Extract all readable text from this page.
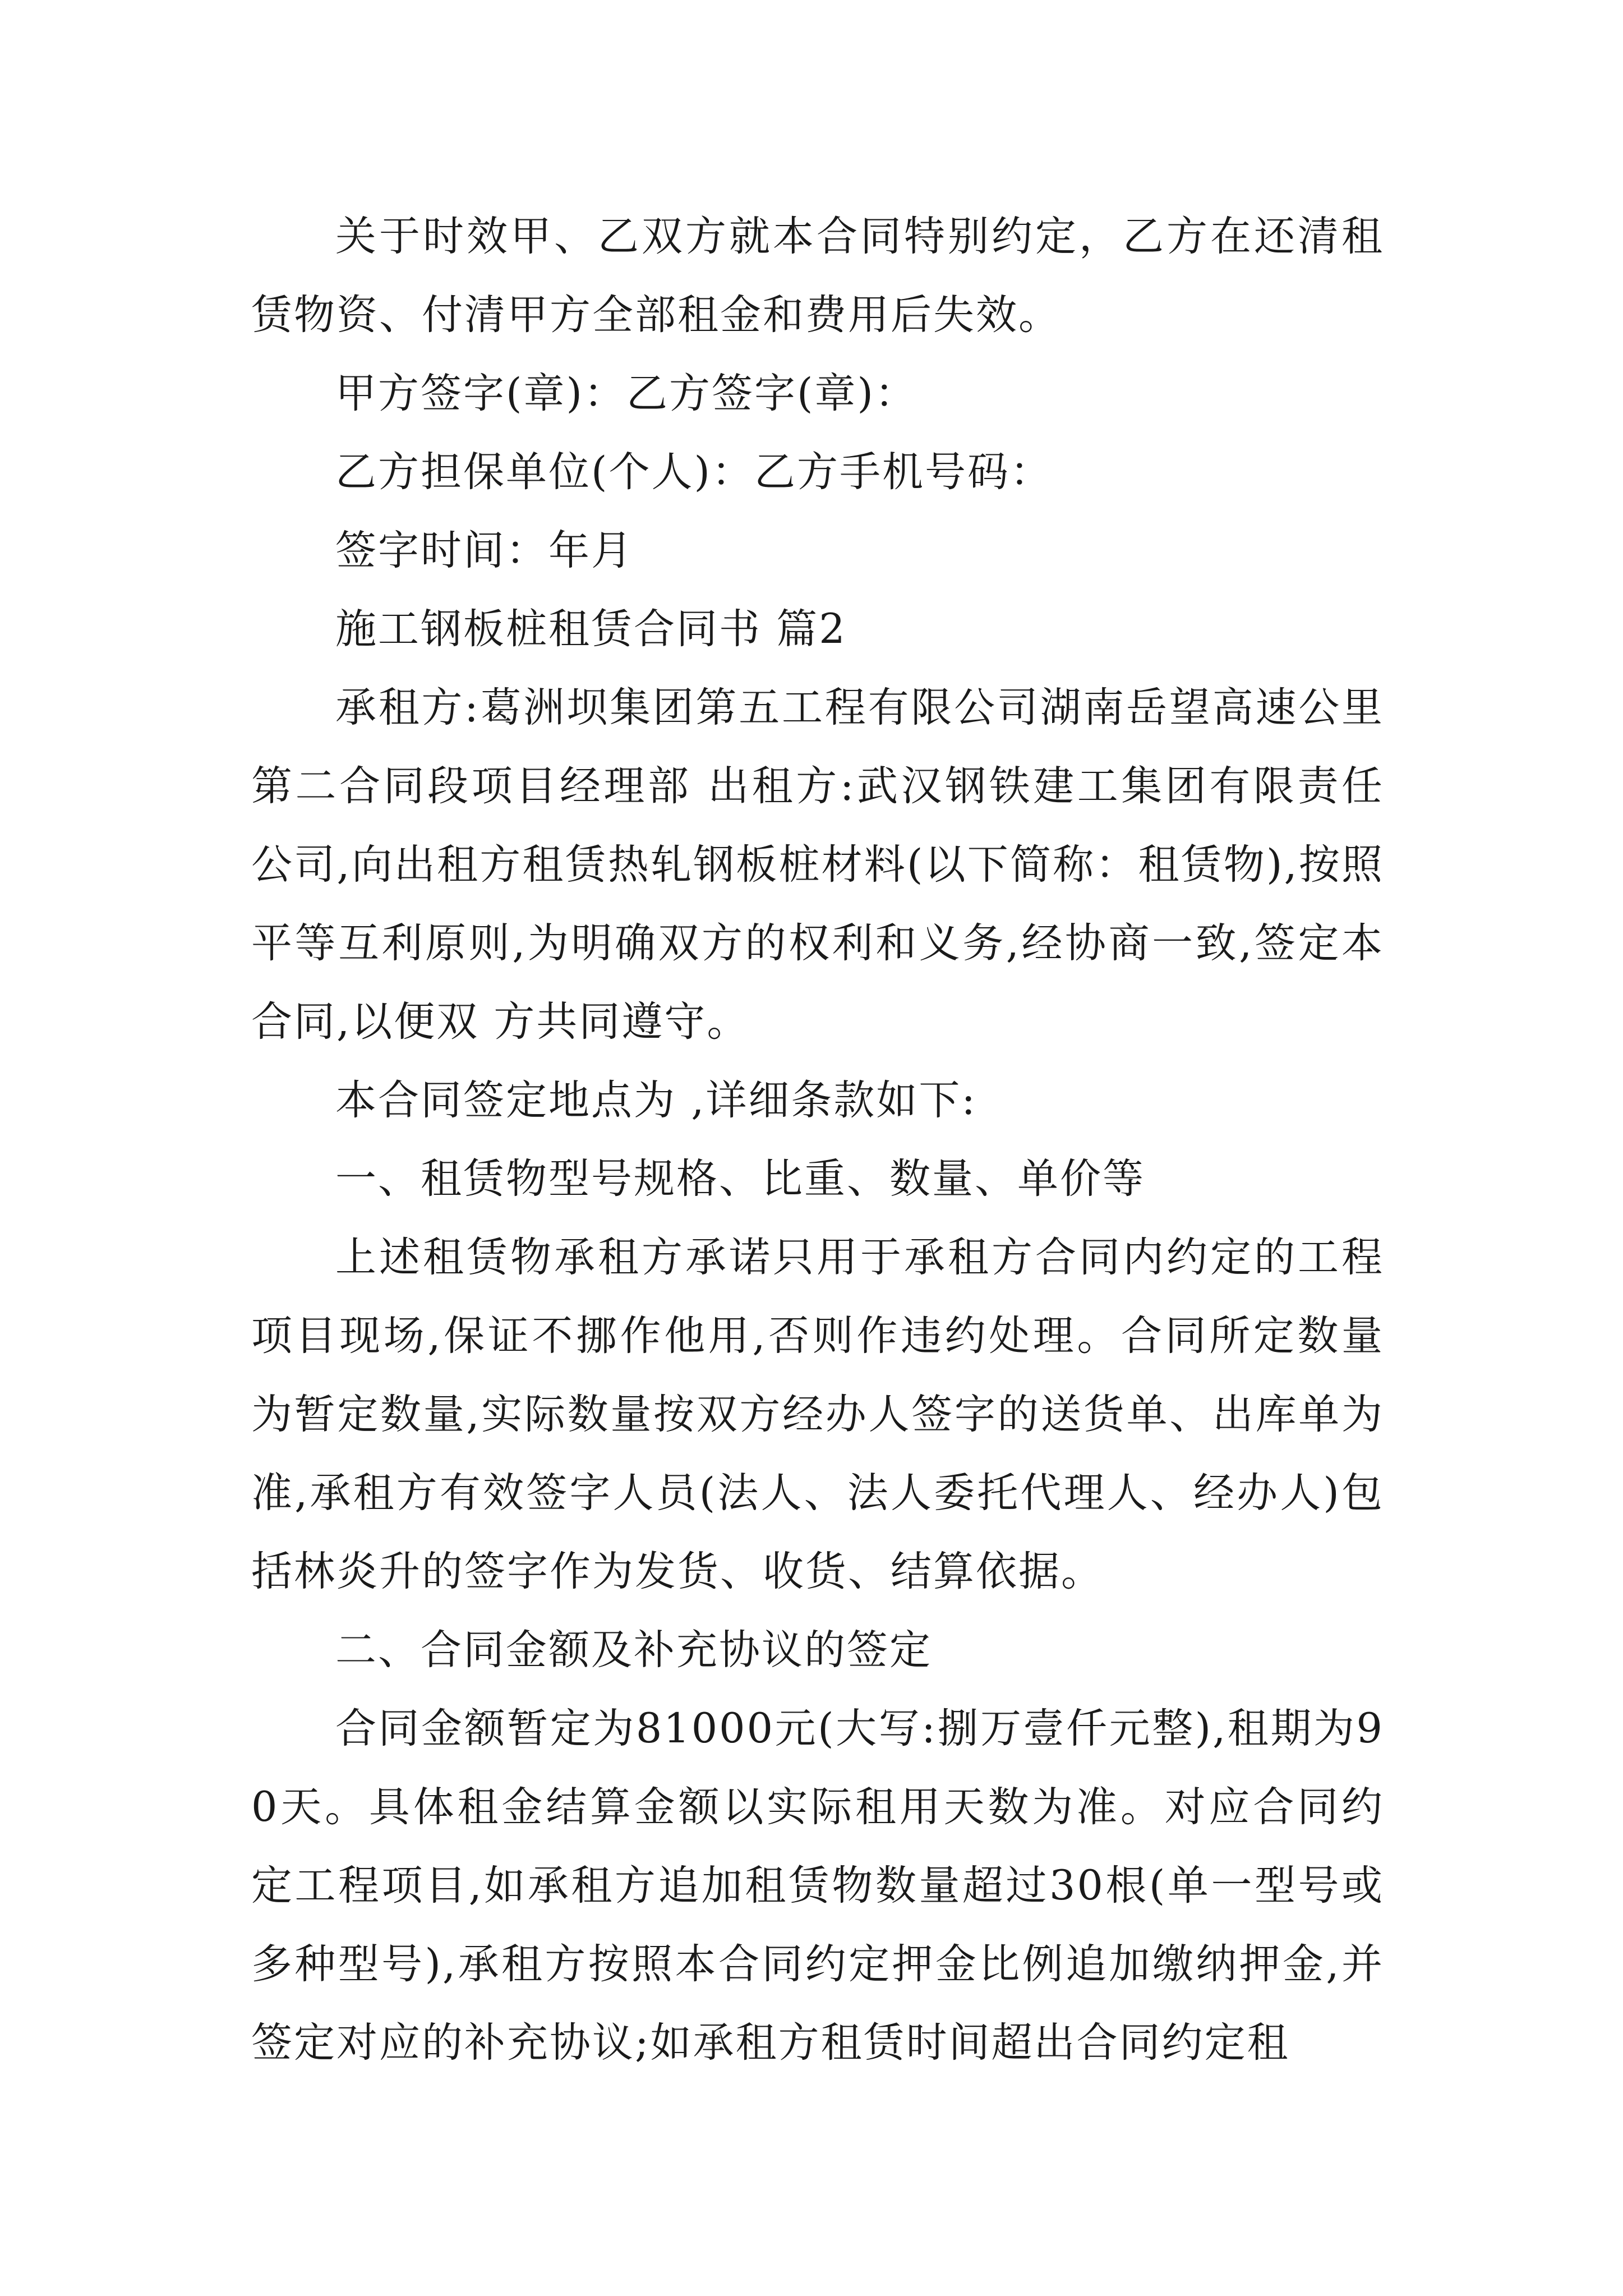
关于时效甲、乙双方就本合同特别约定，乙方在还清租赁物资、付清甲方全部租金和费用后失效。

甲方签字(章)：乙方签字(章)：

乙方担保单位(个人)：乙方手机号码：

签字时间：年月

施工钢板桩租赁合同书 篇2

承租方:葛洲坝集团第五工程有限公司湖南岳望高速公里第二合同段项目经理部 出租方:武汉钢铁建工集团有限责任公司,向出租方租赁热轧钢板桩材料(以下简称：租赁物),按照平等互利原则,为明确双方的权利和义务,经协商一致,签定本合同,以便双 方共同遵守。

本合同签定地点为 ,详细条款如下:

一、租赁物型号规格、比重、数量、单价等

上述租赁物承租方承诺只用于承租方合同内约定的工程项目现场,保证不挪作他用,否则作违约处理。合同所定数量为暂定数量,实际数量按双方经办人签字的送货单、出库单为准,承租方有效签字人员(法人、法人委托代理人、经办人)包括林炎升的签字作为发货、收货、结算依据。

二、合同金额及补充协议的签定

合同金额暂定为81000元(大写:捌万壹仟元整),租期为90天。具体租金结算金额以实际租用天数为准。对应合同约定工程项目,如承租方追加租赁物数量超过30根(单一型号或多种型号),承租方按照本合同约定押金比例追加缴纳押金,并签定对应的补充协议;如承租方租赁时间超出合同约定租
